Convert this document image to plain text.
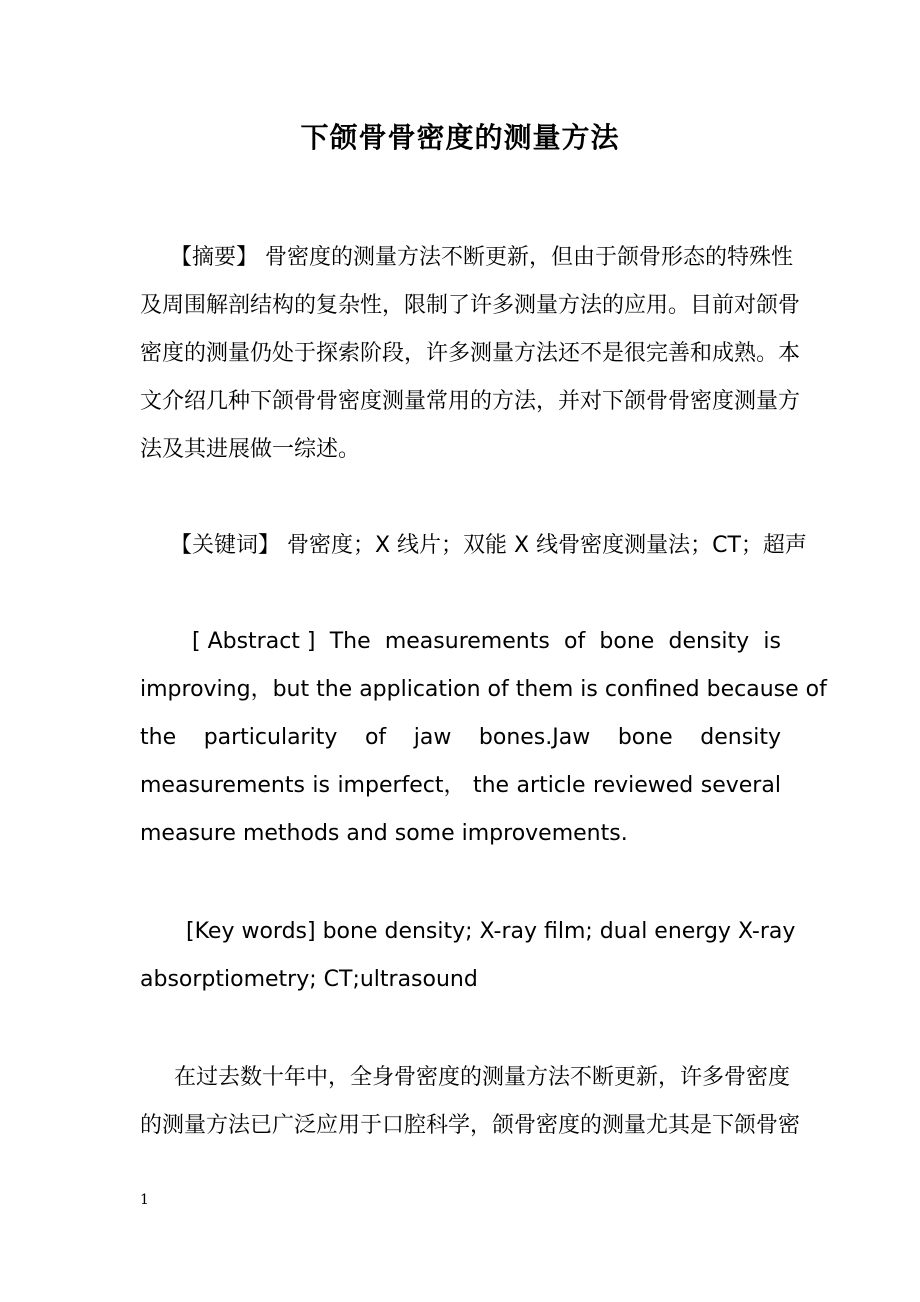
下颌骨骨密度的测量方法
【摘要】 骨密度的测量方法不断更新，但由于颌骨形态的特殊性
及周围解剖结构的复杂性，限制了许多测量方法的应用。目前对颌骨
密度的测量仍处于探索阶段，许多测量方法还不是很完善和成熟。本
文介绍几种下颌骨骨密度测量常用的方法，并对下颌骨骨密度测量方
法及其进展做一综述。
【关键词】 骨密度；X 线片；双能 X 线骨密度测量法；CT；超声
[ Abstract ] The measurements of bone density is
improving，but the application of them is confined because of
the particularity of jaw bones.Jaw bone density
measurements is imperfect， the article reviewed several
measure methods and some improvements.
[Key words] bone density; X-ray film; dual energy X-ray
absorptiometry; CT;ultrasound
在过去数十年中，全身骨密度的测量方法不断更新，许多骨密度
的测量方法已广泛应用于口腔科学，颌骨密度的测量尤其是下颌骨密
1
